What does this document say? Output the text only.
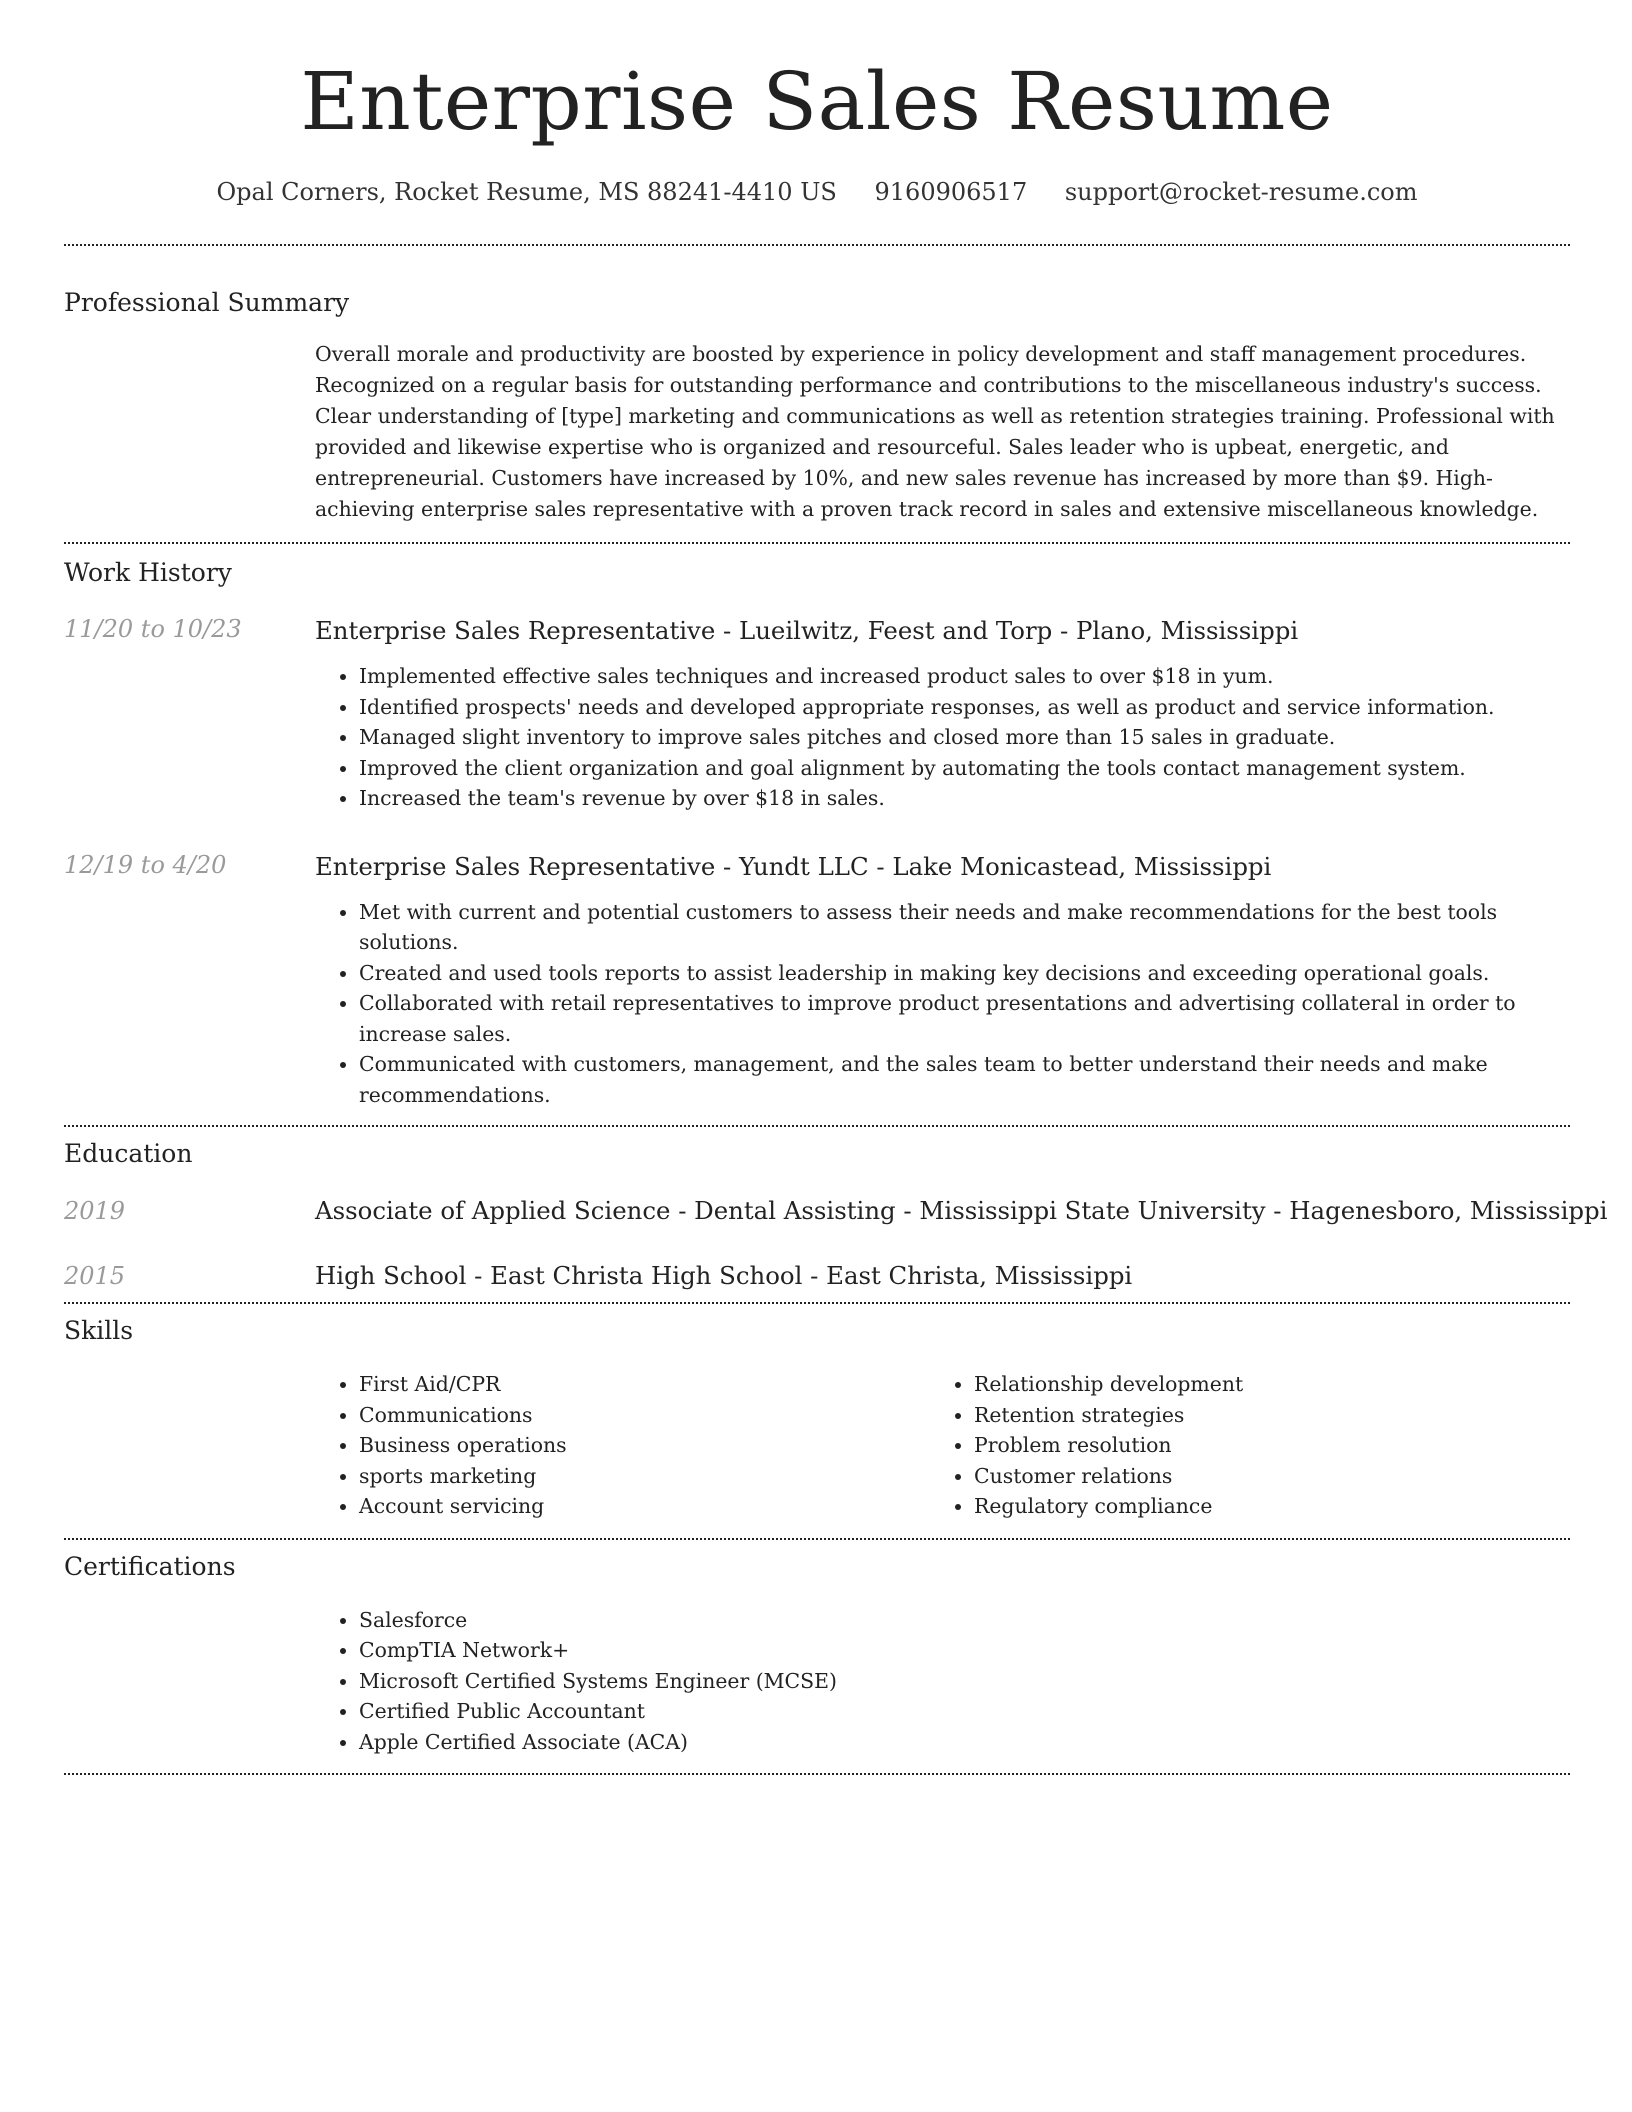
Enterprise Sales Resume
Opal Corners, Rocket Resume, MS 88241-4410 US 9160906517 support@rocket-resume.com
Professional Summary

Overall morale and productivity are boosted by experience in policy development and staff management procedures. Recognized on a regular basis for outstanding performance and contributions to the miscellaneous industry's success. Clear understanding of [type] marketing and communications as well as retention strategies training. Professional with provided and likewise expertise who is organized and resourceful. Sales leader who is upbeat, energetic, and entrepreneurial. Customers have increased by 10%, and new sales revenue has increased by more than $9. High-achieving enterprise sales representative with a proven track record in sales and extensive miscellaneous knowledge.

Work History
11/20 to 10/23	Enterprise Sales Representative - Lueilwitz, Feest and Torp - Plano, Mississippi
• Implemented effective sales techniques and increased product sales to over $18 in yum.
• Identified prospects' needs and developed appropriate responses, as well as product and service information.
• Managed slight inventory to improve sales pitches and closed more than 15 sales in graduate.
• Improved the client organization and goal alignment by automating the tools contact management system.
• Increased the team's revenue by over $18 in sales.
12/19 to 4/20	Enterprise Sales Representative - Yundt LLC - Lake Monicastead, Mississippi
• Met with current and potential customers to assess their needs and make recommendations for the best tools solutions.
• Created and used tools reports to assist leadership in making key decisions and exceeding operational goals.
• Collaborated with retail representatives to improve product presentations and advertising collateral in order to increase sales.
• Communicated with customers, management, and the sales team to better understand their needs and make recommendations.
Education
2019	Associate of Applied Science - Dental Assisting - Mississippi State University - Hagenesboro, Mississippi
2015	High School - East Christa High School - East Christa, Mississippi
Skills
• First Aid/CPR
• Communications
• Business operations
• sports marketing
• Account servicing
• Relationship development
• Retention strategies
• Problem resolution
• Customer relations
• Regulatory compliance
Certifications
• Salesforce
• CompTIA Network+
• Microsoft Certified Systems Engineer (MCSE)
• Certified Public Accountant
• Apple Certified Associate (ACA)
